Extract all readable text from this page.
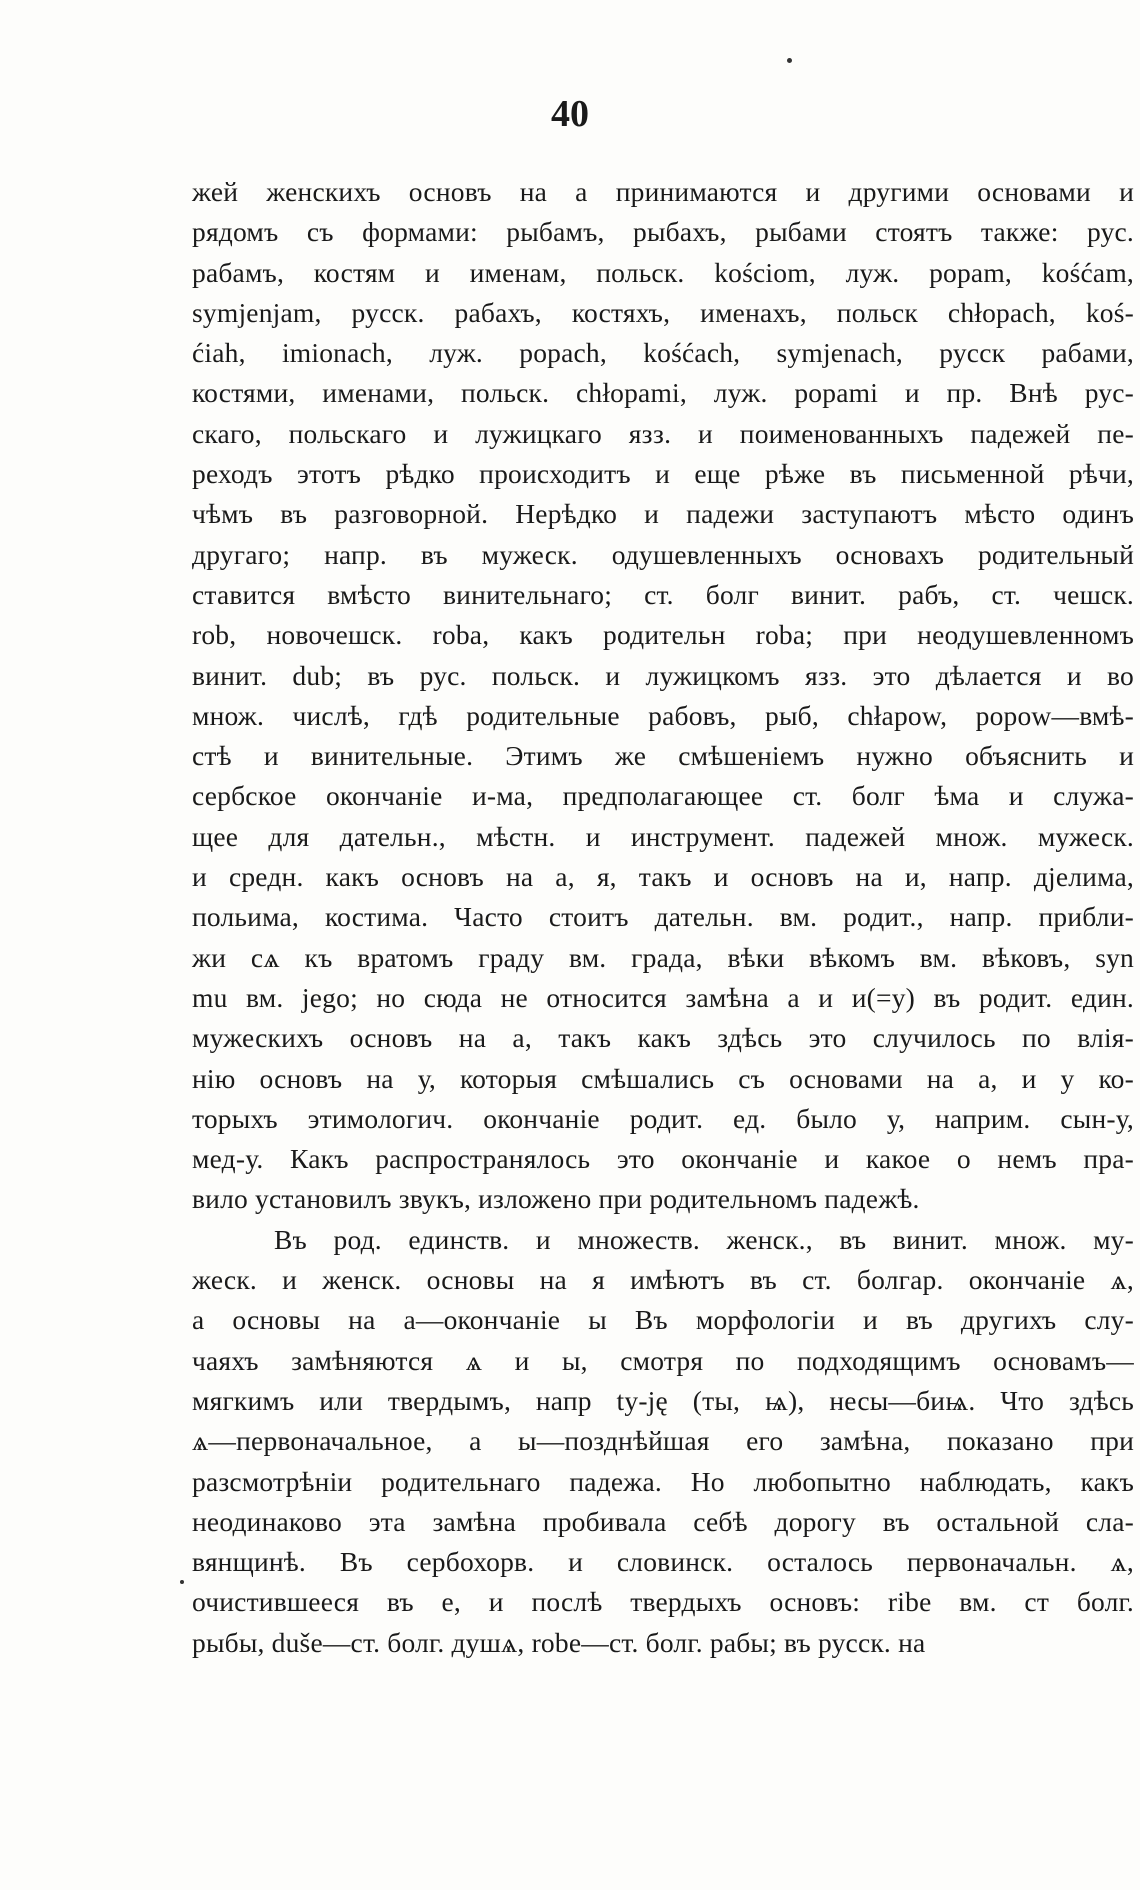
40
жей женскихъ основъ на а принимаются и другими основами и
рядомъ съ формами: рыбамъ, рыбахъ, рыбами стоятъ также: рус.
рабамъ, костям и именам, польск. kościom, луж. popam, kośćam,
symjenjam, русск. рабахъ, костяхъ, именахъ, польск chłopach, koś-
ćiah, imionach, луж. popach, kośćach, symjenach, русск рабами,
костями, именами, польск. chłopami, луж. popami и пр. Внѣ рус-
скаго, польскаго и лужицкаго язз. и поименованныхъ падежей пе-
реходъ этотъ рѣдко происходитъ и еще рѣже въ письменной рѣчи,
чѣмъ въ разговорной. Нерѣдко и падежи заступаютъ мѣсто одинъ
другаго; напр. въ мужеск. одушевленныхъ основахъ родительный
ставится вмѣсто винительнаго; ст. болг винит. рабъ, ст. чешск.
rob, новочешск. roba, какъ родительн roba; при неодушевленномъ
винит. dub; въ рус. польск. и лужицкомъ язз. это дѣлается и во
множ. числѣ, гдѣ родительные рабовъ, рыб, chłapow, popow—вмѣ-
стѣ и винительные. Этимъ же смѣшеніемъ нужно объяснить и
сербское окончаніе и-ма, предполагающее ст. болг ѣма и служа-
щее для дательн., мѣстн. и инструмент. падежей множ. мужеск.
и средн. какъ основъ на а, я, такъ и основъ на и, напр. дјелима,
польима, костима. Часто стоитъ дательн. вм. родит., напр. прибли-
жи сѧ къ вратомъ граду вм. града, вѣки вѣкомъ вм. вѣковъ, syn
mu вм. jego; но сюда не относится замѣна а и и(=у) въ родит. един.
мужескихъ основъ на а, такъ какъ здѣсь это случилось по влія-
нію основъ на у, которыя смѣшались съ основами на а, и у ко-
торыхъ этимологич. окончаніе родит. ед. было у, наприм. сын-у,
мед-у. Какъ распространялось это окончаніе и какое о немъ пра-
вило установилъ звукъ, изложено при родительномъ падежѣ.
Въ род. единств. и множеств. женск., въ винит. множ. му-
жеск. и женск. основы на я имѣютъ въ ст. болгар. окончаніе ѧ,
а основы на а—окончаніе ы Въ морфологіи и въ другихъ слу-
чаяхъ замѣняются ѧ и ы, смотря по подходящимъ основамъ—
мягкимъ или твердымъ, напр ty-ję (ты, ѩ), несы—биѩ. Что здѣсь
ѧ—первоначальное, а ы—позднѣйшая его замѣна, показано при
разсмотрѣніи родительнаго падежа. Но любопытно наблюдать, какъ
неодинаково эта замѣна пробивала себѣ дорогу въ остальной сла-
вянщинѣ. Въ сербохорв. и словинск. осталось первоначальн. ѧ,
очистившееся въ е, и послѣ твердыхъ основъ: ribe вм. ст болг.
рыбы, duše—ст. болг. душѧ, robe—ст. болг. рабы; въ русск. на
